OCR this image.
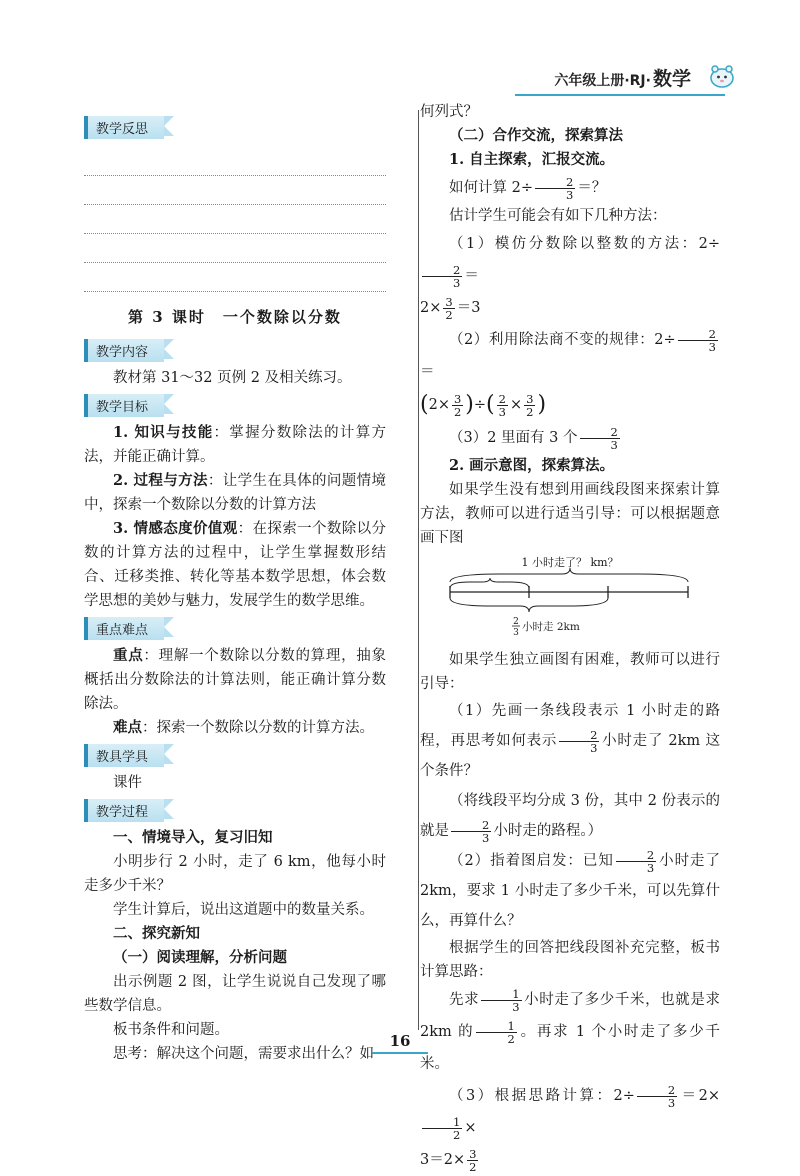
六年级上册·RJ· 数学
教学反思
第 3 课时　一个数除以分数
教学内容

教材第 31～32 页例 2 及相关练习。

教学目标

1. 知识与技能：掌握分数除法的计算方法，并能正确计算。

2. 过程与方法：让学生在具体的问题情境中，探索一个数除以分数的计算方法

3. 情感态度价值观：在探索一个数除以分数的计算方法的过程中，让学生掌握数形结合、迁移类推、转化等基本数学思想，体会数学思想的美妙与魅力，发展学生的数学思维。

重点难点

重点：理解一个数除以分数的算理，抽象概括出分数除法的计算法则，能正确计算分数除法。

难点：探索一个数除以分数的计算方法。

教具学具

课件

教学过程

一、情境导入，复习旧知

小明步行 2 小时，走了 6 km，他每小时走多少千米？

学生计算后，说出这道题中的数量关系。

二、探究新知

（一）阅读理解，分析问题

出示例题 2 图，让学生说说自己发现了哪些数学信息。

板书条件和问题。

思考：解决这个问题，需要求出什么？如

何列式？

（二）合作交流，探索算法

1. 自主探索，汇报交流。

如何计算 $2\div \frac{2}{3}$ ＝？

估计学生可能会有如下几种方法：

（1）模仿分数除以整数的方法：2÷
$\frac{2}{3}$ ＝

$2\times \frac{3}{2} =3$

（2）利用除法商不变的规律：$2\div \frac{2}{3}$
＝

($2\times \frac{3}{2}$ )÷( $\frac{2}{3} \times \frac{3}{2}$ )

（3）2 里面有 3 个 $\frac{2}{3}$

2. 画示意图，探索算法。

如果学生没有想到用画线段图来探索计算方法，教师可以进行适当引导：可以根据题意画下图

1 小时走了？ km？
2
3 小时走 2km

如果学生独立画图有困难，教师可以进行引导：

（1）先画一条线段表示 1 小时走的路程，再思考如何表示 $\frac{2}{3}$ 小时走了 2km 这个条件？

（将线段平均分成 3 份，其中 2 份表示的就是 $\frac{2}{3}$ 小时走的路程。）

（2）指着图启发：已知 $\frac{2}{3}$ 小时走了 2km，要求 1 小时走了多少千米，可以先算什么，再算什么？

根据学生的回答把线段图补充完整，板书计算思路：

先求 $\frac{1}{3}$ 小时走了多少千米，也就是求 2km 的 $\frac{1}{2}$ 。再求 1 个小时走了多少千米。

（3）根据思路计算：$2\div \frac{2}{3} =2\times$
$\frac{1}{2}$ ×

$3=2\times \frac{3}{2}$

16
